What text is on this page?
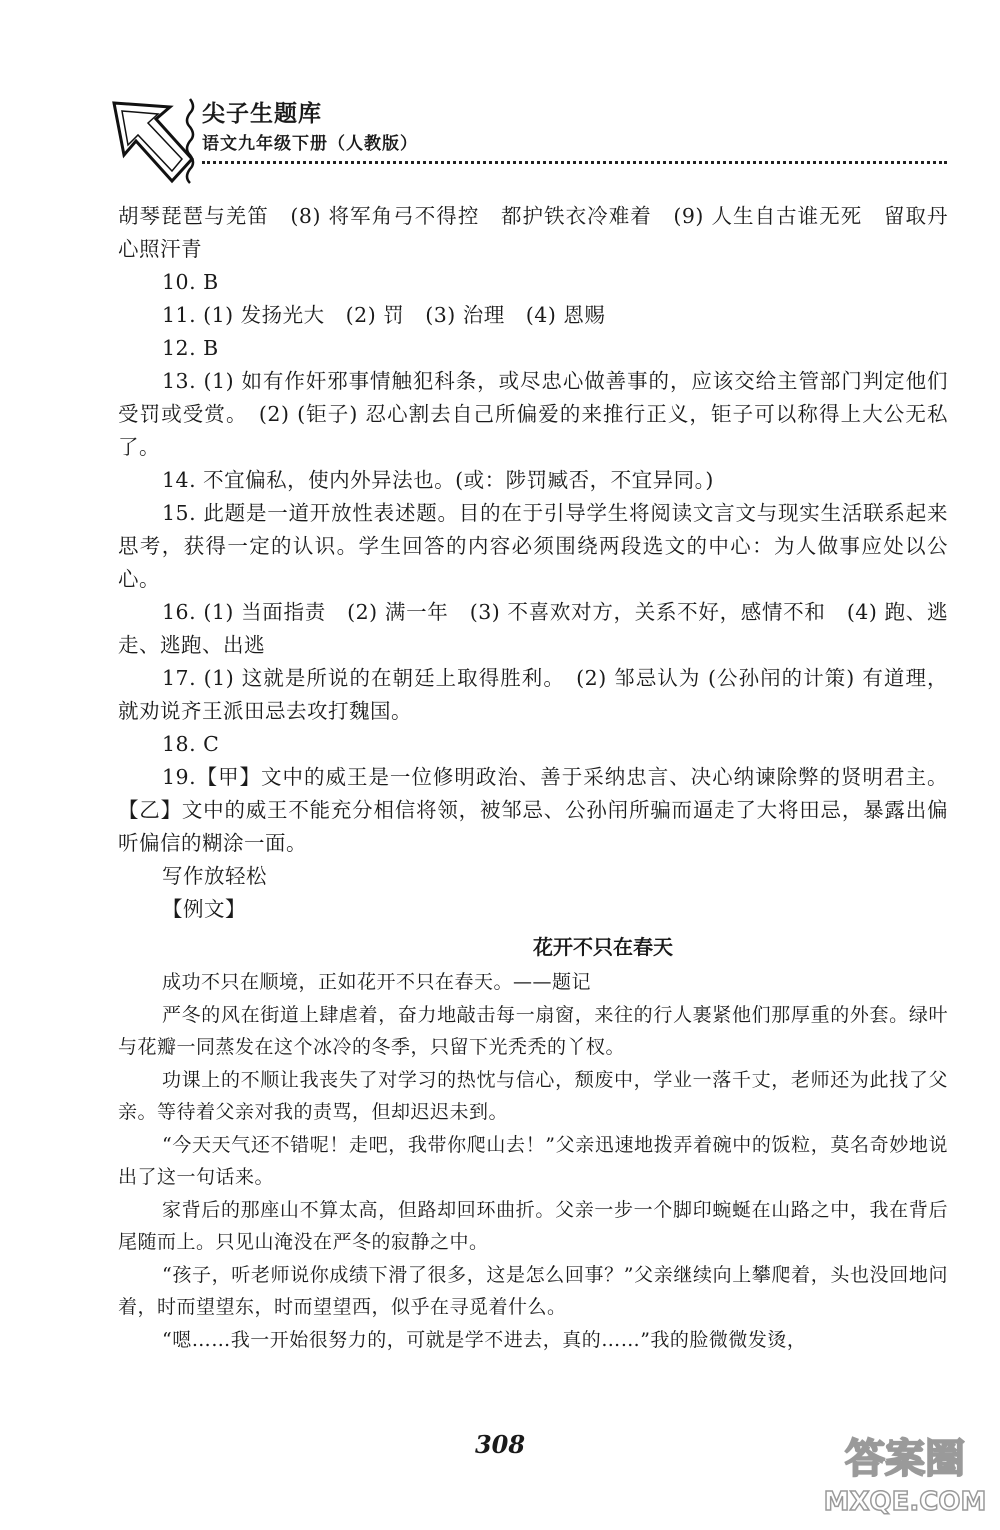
尖子生题库
语文九年级下册（人教版）

胡琴琵琶与羌笛　(8) 将军角弓不得控　都护铁衣冷难着　(9) 人生自古谁无死　留取丹心照汗青

10. B

11. (1) 发扬光大　(2) 罚　(3) 治理　(4) 恩赐

12. B

13. (1) 如有作奸邪事情触犯科条，或尽忠心做善事的，应该交给主管部门判定他们受罚或受赏。　(2) (钜子) 忍心割去自己所偏爱的来推行正义，钜子可以称得上大公无私了。

14. 不宜偏私，使内外异法也。(或：陟罚臧否，不宜异同。)

15. 此题是一道开放性表述题。目的在于引导学生将阅读文言文与现实生活联系起来思考，获得一定的认识。学生回答的内容必须围绕两段选文的中心：为人做事应处以公心。

16. (1) 当面指责　(2) 满一年　(3) 不喜欢对方，关系不好，感情不和　(4) 跑、逃走、逃跑、出逃

17. (1) 这就是所说的在朝廷上取得胜利。　(2) 邹忌认为 (公孙闬的计策) 有道理，就劝说齐王派田忌去攻打魏国。

18. C

19.【甲】文中的威王是一位修明政治、善于采纳忠言、决心纳谏除弊的贤明君主。【乙】文中的威王不能充分相信将领，被邹忌、公孙闬所骗而逼走了大将田忌，暴露出偏听偏信的糊涂一面。

写作放轻松

【例文】

花开不只在春天

成功不只在顺境，正如花开不只在春天。——题记

严冬的风在街道上肆虐着，奋力地敲击每一扇窗，来往的行人裹紧他们那厚重的外套。绿叶与花瓣一同蒸发在这个冰冷的冬季，只留下光秃秃的丫杈。

功课上的不顺让我丧失了对学习的热忱与信心，颓废中，学业一落千丈，老师还为此找了父亲。等待着父亲对我的责骂，但却迟迟未到。

“今天天气还不错呢！走吧，我带你爬山去！”父亲迅速地拨弄着碗中的饭粒，莫名奇妙地说出了这一句话来。

家背后的那座山不算太高，但路却回环曲折。父亲一步一个脚印蜿蜒在山路之中，我在背后尾随而上。只见山淹没在严冬的寂静之中。

“孩子，听老师说你成绩下滑了很多，这是怎么回事？”父亲继续向上攀爬着，头也没回地问着，时而望望东，时而望望西，似乎在寻觅着什么。

“嗯……我一开始很努力的，可就是学不进去，真的……”我的脸微微发烫，

308	答案圈
MXQE.COM
